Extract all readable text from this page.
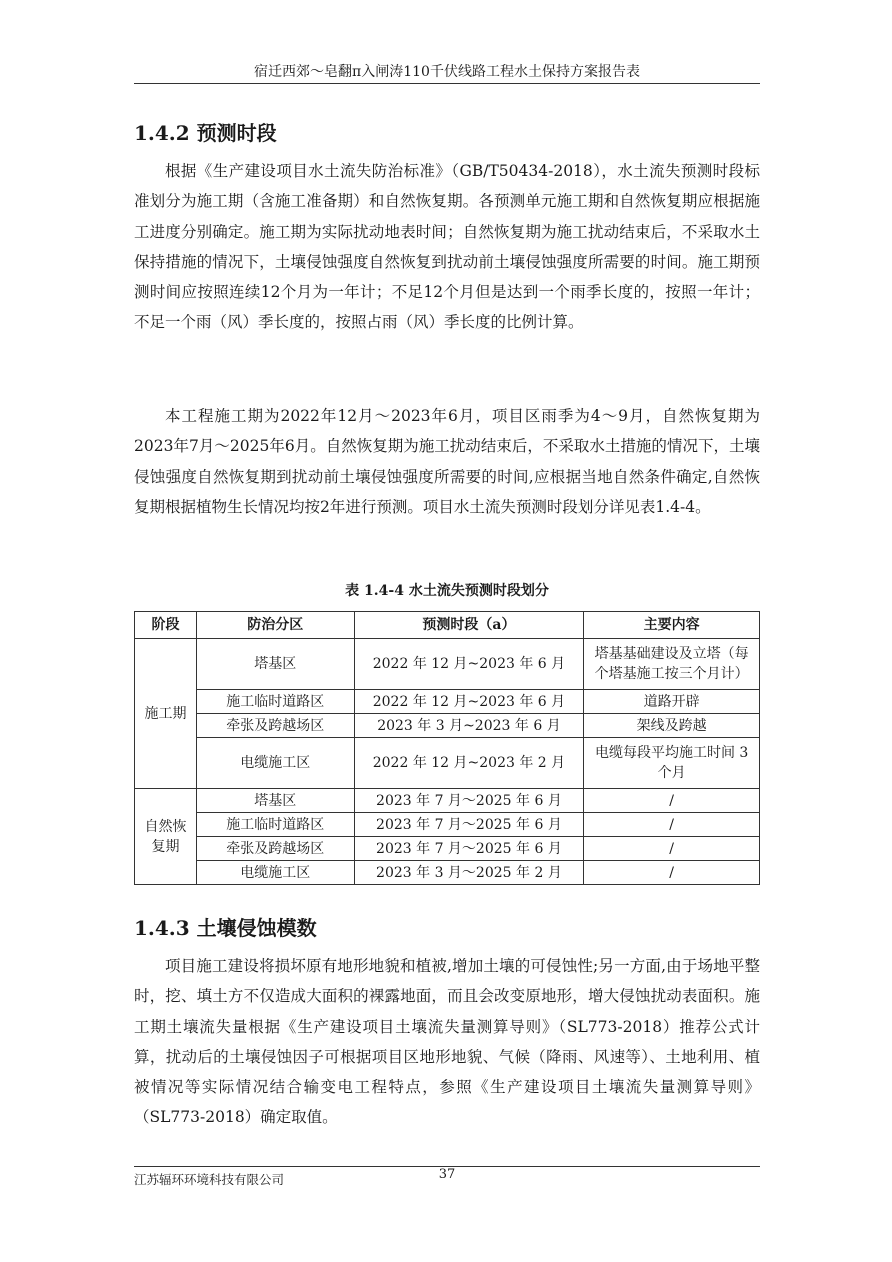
宿迁西郊～皂翻π入闸涛110千伏线路工程水土保持方案报告表
1.4.2 预测时段

根据《生产建设项目水土流失防治标准》（GB/T50434-2018），水土流失预测时段标准划分为施工期（含施工准备期）和自然恢复期。各预测单元施工期和自然恢复期应根据施工进度分别确定。施工期为实际扰动地表时间；自然恢复期为施工扰动结束后，不采取水土保持措施的情况下，土壤侵蚀强度自然恢复到扰动前土壤侵蚀强度所需要的时间。施工期预测时间应按照连续12个月为一年计；不足12个月但是达到一个雨季长度的，按照一年计；不足一个雨（风）季长度的，按照占雨（风）季长度的比例计算。

本工程施工期为2022年12月～2023年6月，项目区雨季为4～9月，自然恢复期为2023年7月～2025年6月。自然恢复期为施工扰动结束后，不采取水土措施的情况下，土壤侵蚀强度自然恢复期到扰动前土壤侵蚀强度所需要的时间,应根据当地自然条件确定,自然恢复期根据植物生长情况均按2年进行预测。项目水土流失预测时段划分详见表1.4-4。

表 1.4-4 水土流失预测时段划分
阶段	防治分区	预测时段（a）	主要内容
施工期	塔基区	2022 年 12 月~2023 年 6 月	塔基基础建设及立塔（每个塔基施工按三个月计）
	施工临时道路区	2022 年 12 月~2023 年 6 月	道路开辟
	牵张及跨越场区	2023 年 3 月~2023 年 6 月	架线及跨越
	电缆施工区	2022 年 12 月~2023 年 2 月	电缆每段平均施工时间 3 个月
自然恢复期	塔基区	2023 年 7 月～2025 年 6 月	/
	施工临时道路区	2023 年 7 月～2025 年 6 月	/
	牵张及跨越场区	2023 年 7 月～2025 年 6 月	/
	电缆施工区	2023 年 3 月～2025 年 2 月	/
1.4.3 土壤侵蚀模数

项目施工建设将损坏原有地形地貌和植被,增加土壤的可侵蚀性;另一方面,由于场地平整时，挖、填土方不仅造成大面积的裸露地面，而且会改变原地形，增大侵蚀扰动表面积。施工期土壤流失量根据《生产建设项目土壤流失量测算导则》（SL773-2018）推荐公式计算，扰动后的土壤侵蚀因子可根据项目区地形地貌、气候（降雨、风速等）、土地利用、植被情况等实际情况结合输变电工程特点，参照《生产建设项目土壤流失量测算导则》（SL773-2018）确定取值。

江苏辐环环境科技有限公司	37
